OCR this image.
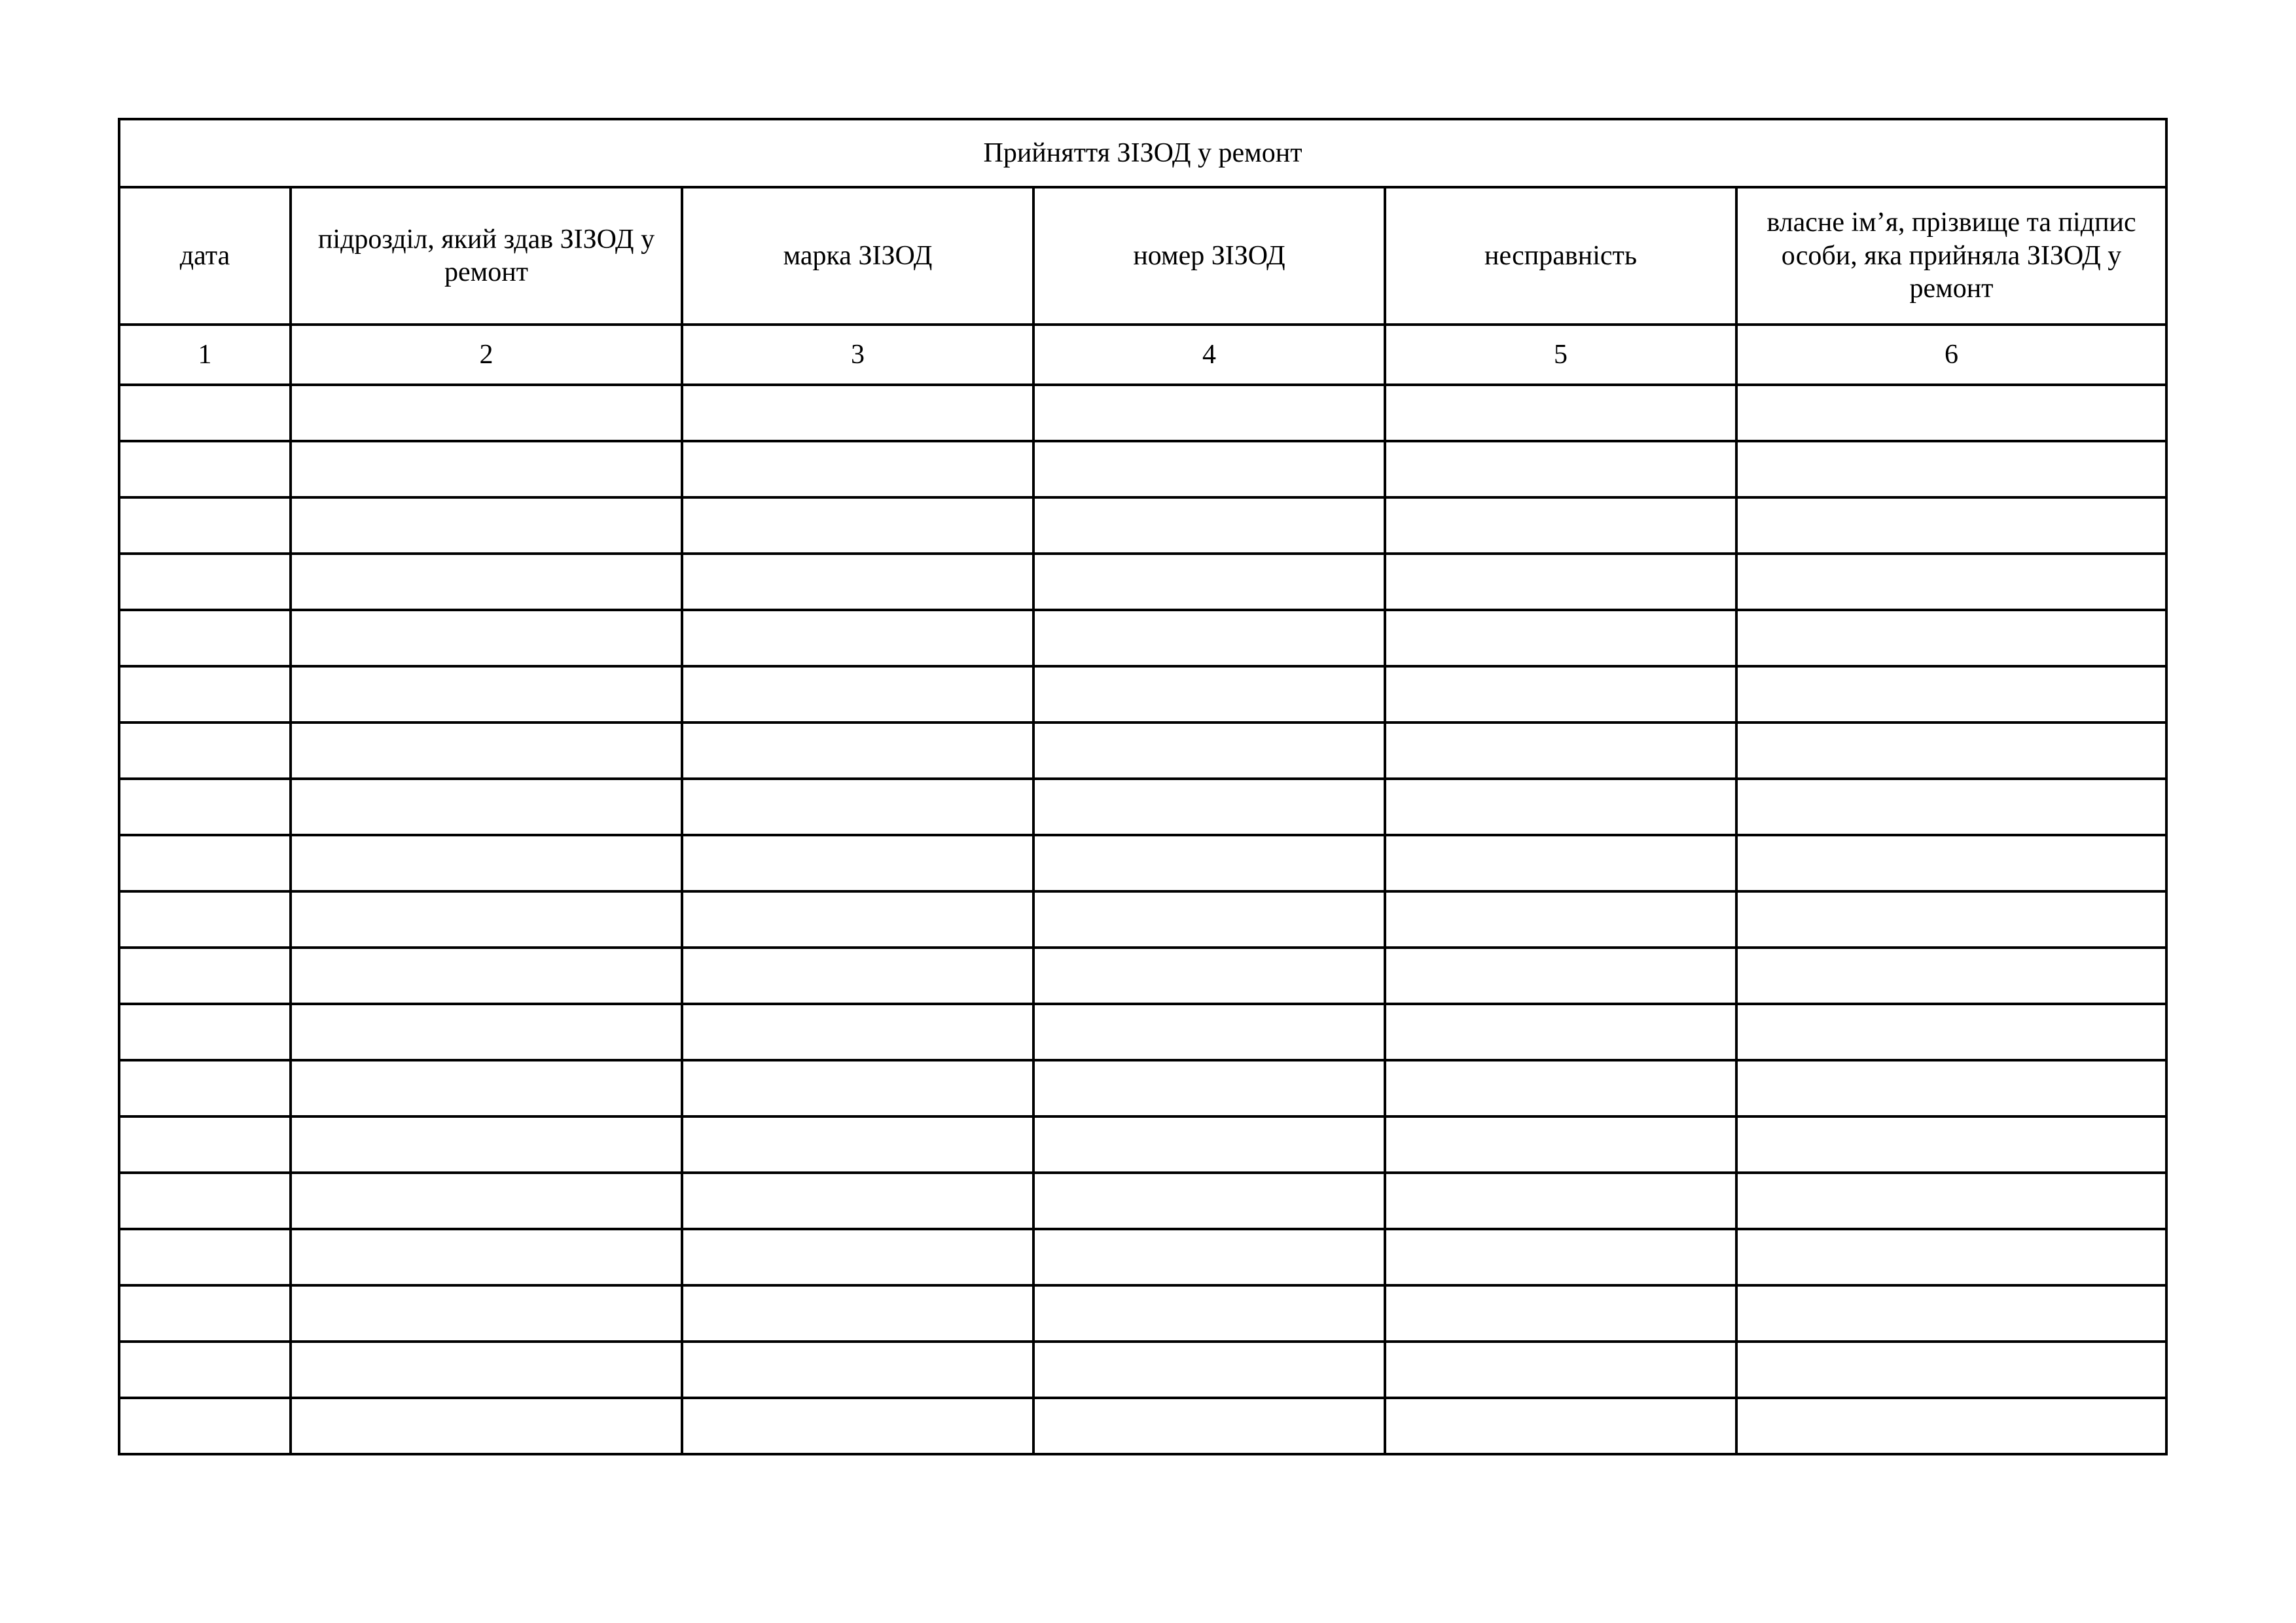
Прийняття ЗІЗОД у ремонт					
дата	підрозділ, який здав ЗІЗОД у ремонт	марка ЗІЗОД	номер ЗІЗОД	несправність	власне ім’я, прізвище та підпис особи, яка прийняла ЗІЗОД у ремонт
1	2	3	4	5	6
